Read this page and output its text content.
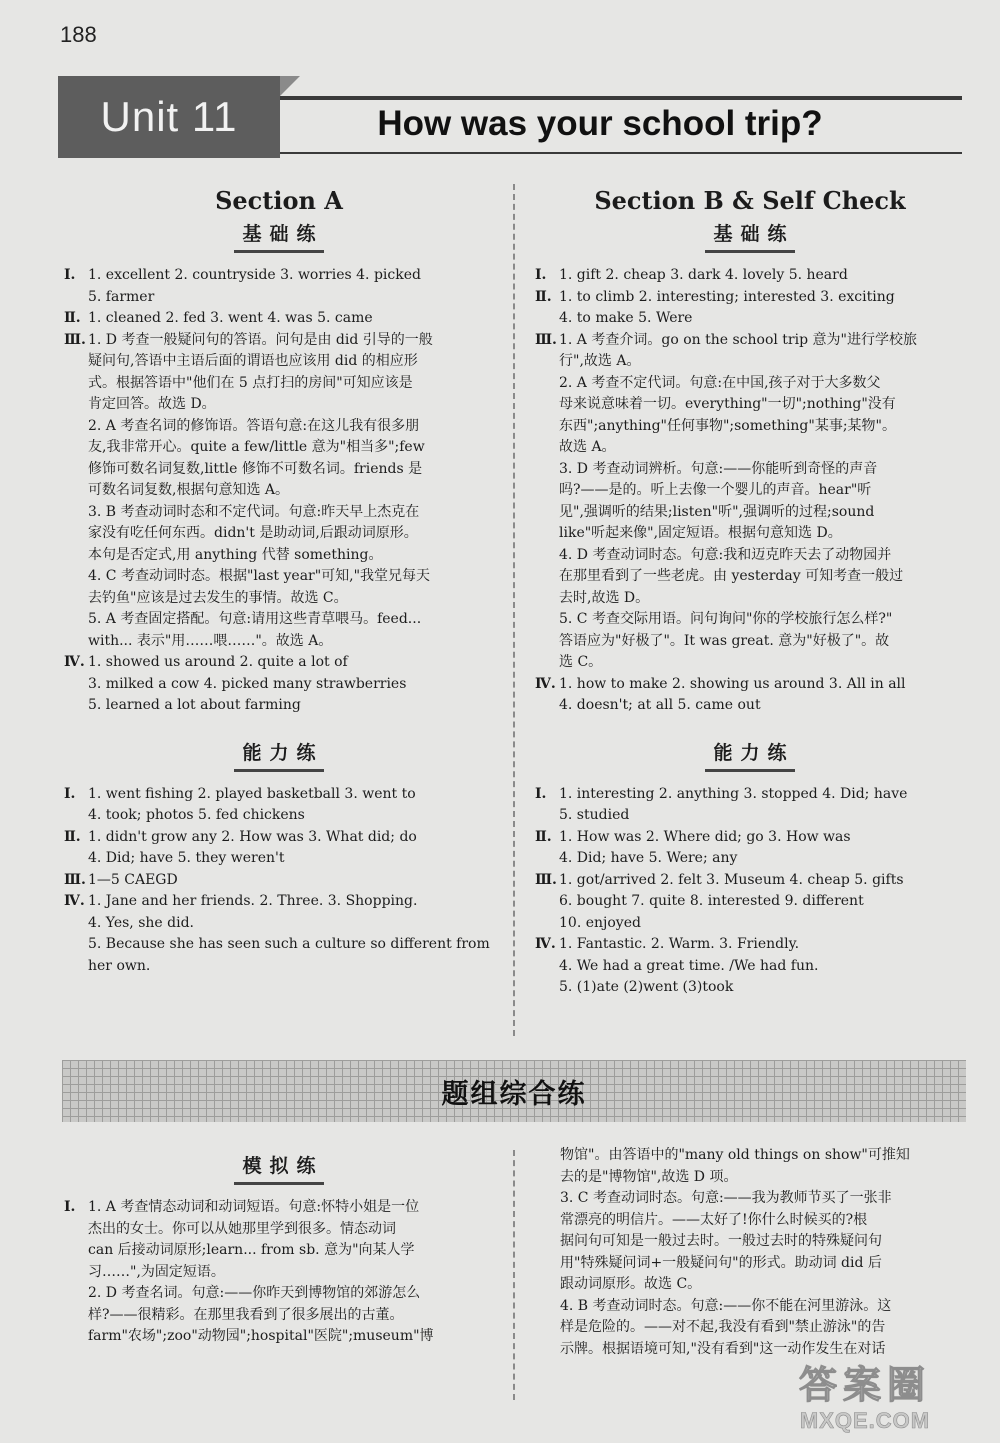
188
Unit 11	How was your school trip?
Section A
基础练
Ⅰ. 1. excellent 2. countryside 3. worries 4. picked
5. farmer
Ⅱ. 1. cleaned 2. fed 3. went 4. was 5. came
Ⅲ. 1. D 考查一般疑问句的答语。问句是由 did 引导的一般
疑问句,答语中主语后面的谓语也应该用 did 的相应形
式。根据答语中"他们在 5 点打扫的房间"可知应该是
肯定回答。故选 D。
2. A 考查名词的修饰语。答语句意:在这儿我有很多朋
友,我非常开心。quite a few/little 意为"相当多";few
修饰可数名词复数,little 修饰不可数名词。friends 是
可数名词复数,根据句意知选 A。
3. B 考查动词时态和不定代词。句意:昨天早上杰克在
家没有吃任何东西。didn't 是助动词,后跟动词原形。
本句是否定式,用 anything 代替 something。
4. C 考查动词时态。根据"last year"可知,"我堂兄每天
去钓鱼"应该是过去发生的事情。故选 C。
5. A 考查固定搭配。句意:请用这些青草喂马。feed...
with... 表示"用……喂……"。故选 A。
Ⅳ. 1. showed us around 2. quite a lot of
3. milked a cow 4. picked many strawberries
5. learned a lot about farming
能力练
Ⅰ. 1. went fishing 2. played basketball 3. went to
4. took; photos 5. fed chickens
Ⅱ. 1. didn't grow any 2. How was 3. What did; do
4. Did; have 5. they weren't
Ⅲ. 1—5 CAEGD
Ⅳ. 1. Jane and her friends. 2. Three. 3. Shopping.
4. Yes, she did.
5. Because she has seen such a culture so different from
her own.
Section B & Self Check
基础练
Ⅰ. 1. gift 2. cheap 3. dark 4. lovely 5. heard
Ⅱ. 1. to climb 2. interesting; interested 3. exciting
4. to make 5. Were
Ⅲ. 1. A 考查介词。go on the school trip 意为"进行学校旅
行",故选 A。
2. A 考查不定代词。句意:在中国,孩子对于大多数父
母来说意味着一切。everything"一切";nothing"没有
东西";anything"任何事物";something"某事;某物"。
故选 A。
3. D 考查动词辨析。句意:——你能听到奇怪的声音
吗?——是的。听上去像一个婴儿的声音。hear"听
见",强调听的结果;listen"听",强调听的过程;sound
like"听起来像",固定短语。根据句意知选 D。
4. D 考查动词时态。句意:我和迈克昨天去了动物园并
在那里看到了一些老虎。由 yesterday 可知考查一般过
去时,故选 D。
5. C 考查交际用语。问句询问"你的学校旅行怎么样?"
答语应为"好极了"。It was great. 意为"好极了"。故
选 C。
Ⅳ. 1. how to make 2. showing us around 3. All in all
4. doesn't; at all 5. came out
能力练
Ⅰ. 1. interesting 2. anything 3. stopped 4. Did; have
5. studied
Ⅱ. 1. How was 2. Where did; go 3. How was
4. Did; have 5. Were; any
Ⅲ. 1. got/arrived 2. felt 3. Museum 4. cheap 5. gifts
6. bought 7. quite 8. interested 9. different
10. enjoyed
Ⅳ. 1. Fantastic. 2. Warm. 3. Friendly.
4. We had a great time. /We had fun.
5. (1)ate (2)went (3)took
题组综合练
模拟练
Ⅰ. 1. A 考查情态动词和动词短语。句意:怀特小姐是一位
杰出的女士。你可以从她那里学到很多。情态动词
can 后接动词原形;learn... from sb. 意为"向某人学
习……",为固定短语。
2. D 考查名词。句意:——你昨天到博物馆的郊游怎么
样?——很精彩。在那里我看到了很多展出的古董。
farm"农场";zoo"动物园";hospital"医院";museum"博
物馆"。由答语中的"many old things on show"可推知
去的是"博物馆",故选 D 项。
3. C 考查动词时态。句意:——我为教师节买了一张非
常漂亮的明信片。——太好了!你什么时候买的?根
据问句可知是一般过去时。一般过去时的特殊疑问句
用"特殊疑问词+一般疑问句"的形式。助动词 did 后
跟动词原形。故选 C。
4. B 考查动词时态。句意:——你不能在河里游泳。这
样是危险的。——对不起,我没有看到"禁止游泳"的告
示牌。根据语境可知,"没有看到"这一动作发生在对话
答案圈
MXQE.COM
